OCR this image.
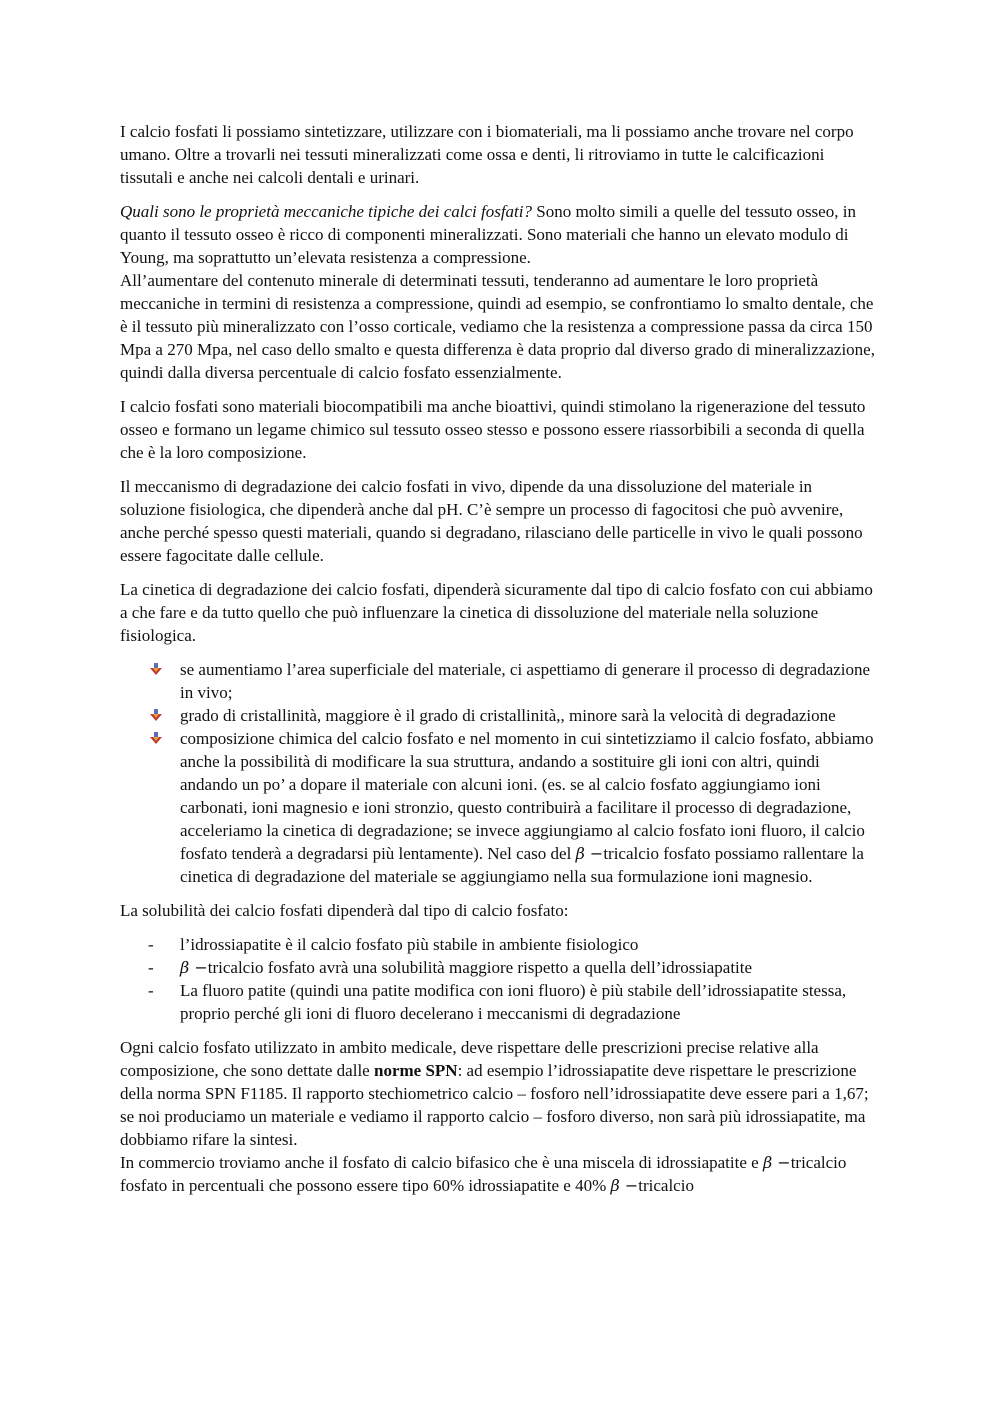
I calcio fosfati li possiamo sintetizzare, utilizzare con i biomateriali, ma li possiamo anche trovare nel corpo umano. Oltre a trovarli nei tessuti mineralizzati come ossa e denti, li ritroviamo in tutte le calcificazioni tissutali e anche nei calcoli dentali e urinari.

Quali sono le proprietà meccaniche tipiche dei calci fosfati? Sono molto simili a quelle del tessuto osseo, in quanto il tessuto osseo è ricco di componenti mineralizzati. Sono materiali che hanno un elevato modulo di Young, ma soprattutto un’elevata resistenza a compressione.

All’aumentare del contenuto minerale di determinati tessuti, tenderanno ad aumentare le loro proprietà meccaniche in termini di resistenza a compressione, quindi ad esempio, se confrontiamo lo smalto dentale, che è il tessuto più mineralizzato con l’osso corticale, vediamo che la resistenza a compressione passa da circa 150 Mpa a 270 Mpa, nel caso dello smalto e questa differenza è data proprio dal diverso grado di mineralizzazione, quindi dalla diversa percentuale di calcio fosfato essenzialmente.

I calcio fosfati sono materiali biocompatibili ma anche bioattivi, quindi stimolano la rigenerazione del tessuto osseo e formano un legame chimico sul tessuto osseo stesso e possono essere riassorbibili a seconda di quella che è la loro composizione.

Il meccanismo di degradazione dei calcio fosfati in vivo, dipende da una dissoluzione del materiale in soluzione fisiologica, che dipenderà anche dal pH. C’è sempre un processo di fagocitosi che può avvenire, anche perché spesso questi materiali, quando si degradano, rilasciano delle particelle in vivo le quali possono essere fagocitate dalle cellule.

La cinetica di degradazione dei calcio fosfati, dipenderà sicuramente dal tipo di calcio fosfato con cui abbiamo a che fare e da tutto quello che può influenzare la cinetica di dissoluzione del materiale nella soluzione fisiologica.

se aumentiamo l’area superficiale del materiale, ci aspettiamo di generare il processo di degradazione in vivo;
grado di cristallinità, maggiore è il grado di cristallinità,, minore sarà la velocità di degradazione
composizione chimica del calcio fosfato e nel momento in cui sintetizziamo il calcio fosfato, abbiamo anche la possibilità di modificare la sua struttura, andando a sostituire gli ioni con altri, quindi andando un po’ a dopare il materiale con alcuni ioni. (es. se al calcio fosfato aggiungiamo ioni carbonati, ioni magnesio e ioni stronzio, questo contribuirà a facilitare il processo di degradazione, acceleriamo la cinetica di degradazione; se invece aggiungiamo al calcio fosfato ioni fluoro, il calcio fosfato tenderà a degradarsi più lentamente). Nel caso del β −tricalcio fosfato possiamo rallentare la cinetica di degradazione del materiale se aggiungiamo nella sua formulazione ioni magnesio.

La solubilità dei calcio fosfati dipenderà dal tipo di calcio fosfato:

- l’idrossiapatite è il calcio fosfato più stabile in ambiente fisiologico
- β −tricalcio fosfato avrà una solubilità maggiore rispetto a quella dell’idrossiapatite
- La fluoro patite (quindi una patite modifica con ioni fluoro) è più stabile dell’idrossiapatite stessa, proprio perché gli ioni di fluoro decelerano i meccanismi di degradazione

Ogni calcio fosfato utilizzato in ambito medicale, deve rispettare delle prescrizioni precise relative alla composizione, che sono dettate dalle norme SPN: ad esempio l’idrossiapatite deve rispettare le prescrizione della norma SPN F1185. Il rapporto stechiometrico calcio – fosforo nell’idrossiapatite deve essere pari a 1,67; se noi produciamo un materiale e vediamo il rapporto calcio – fosforo diverso, non sarà più idrossiapatite, ma dobbiamo rifare la sintesi.

In commercio troviamo anche il fosfato di calcio bifasico che è una miscela di idrossiapatite e β −tricalcio fosfato in percentuali che possono essere tipo 60% idrossiapatite e 40% β −tricalcio
